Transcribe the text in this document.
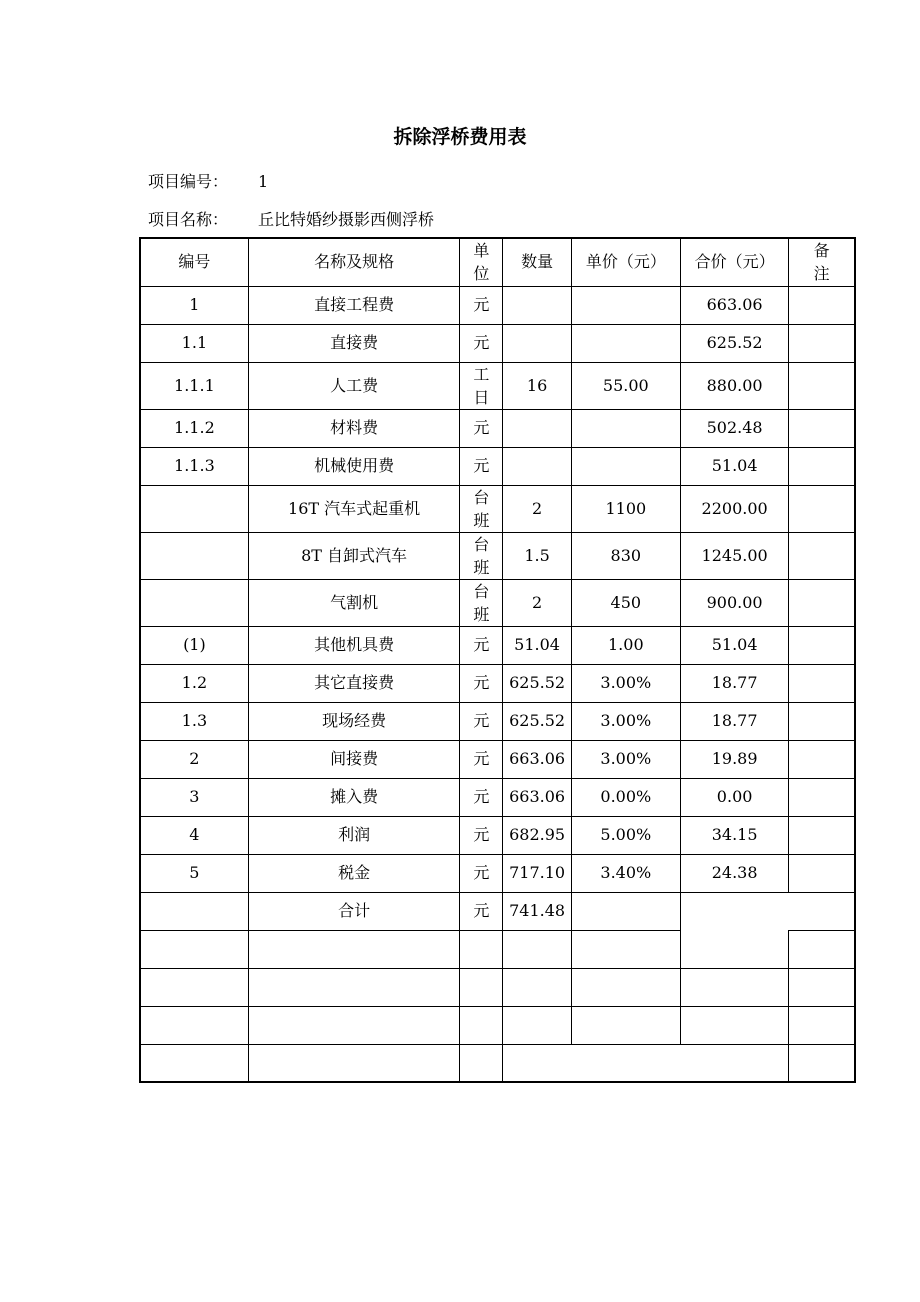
拆除浮桥费用表
项目编号： 1
项目名称： 丘比特婚纱摄影西侧浮桥
编号	名称及规格	单位	数量	单价（元）	合价（元）	备注
1	直接工程费	元			663.06	
1.1	直接费	元			625.52	
1.1.1	人工费	工日	16	55.00	880.00	
1.1.2	材料费	元			502.48	
1.1.3	机械使用费	元			51.04	
	16T 汽车式起重机	台班	2	1100	2200.00	
	8T 自卸式汽车	台班	1.5	830	1245.00	
	气割机	台班	2	450	900.00	
(1)	其他机具费	元	51.04	1.00	51.04	
1.2	其它直接费	元	625.52	3.00%	18.77	
1.3	现场经费	元	625.52	3.00%	18.77	
2	间接费	元	663.06	3.00%	19.89	
3	摊入费	元	663.06	0.00%	0.00	
4	利润	元	682.95	5.00%	34.15	
5	税金	元	717.10	3.40%	24.38	
	合计	元	741.48			
